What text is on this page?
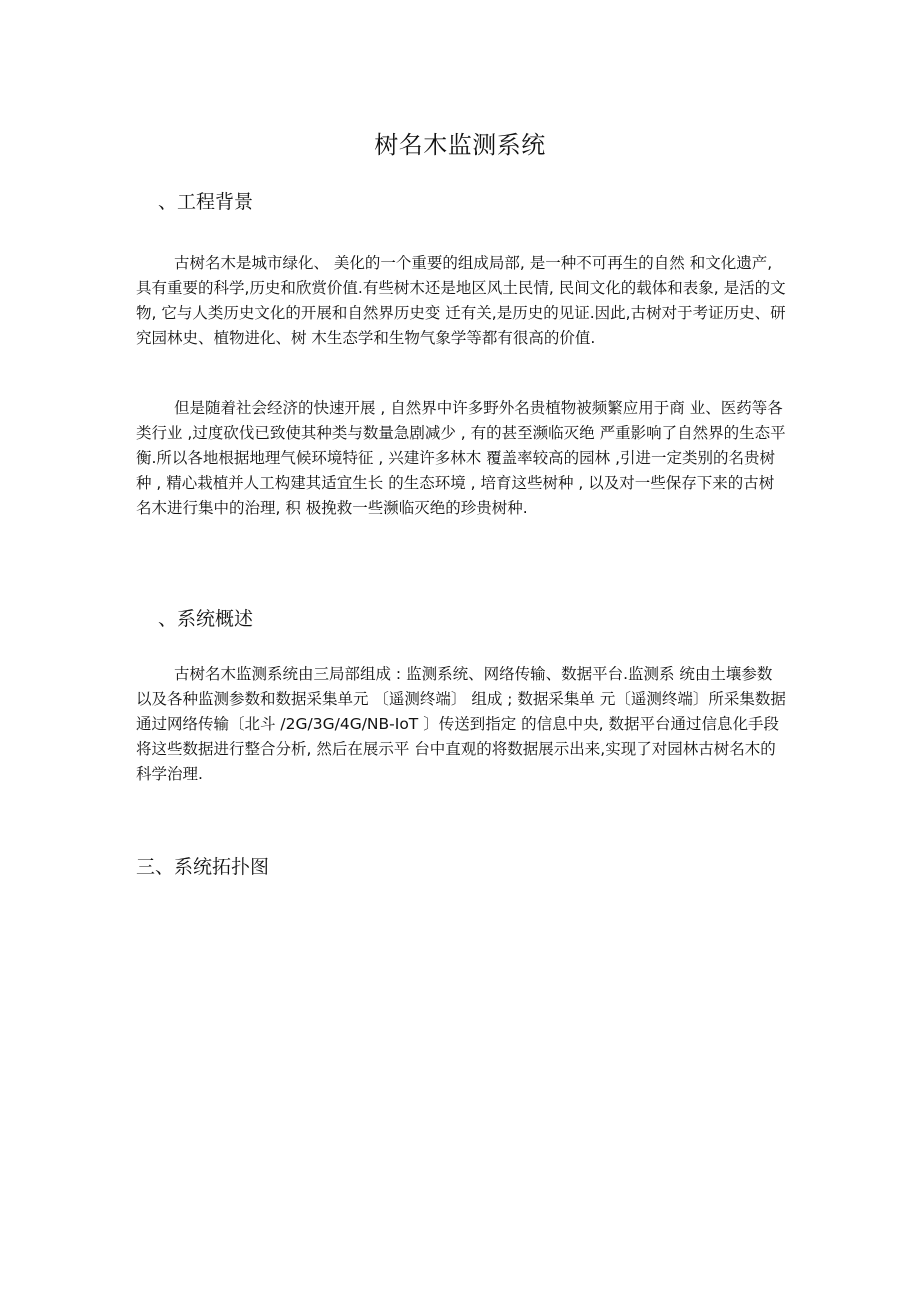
树名木监测系统
、工程背景

古树名木是城市绿化、 美化的一个重要的组成局部, 是一种不可再生的自然 和文化遗产,具有重要的科学,历史和欣赏价值.有些树木还是地区风土民情, 民间文化的载体和表象, 是活的文物, 它与人类历史文化的开展和自然界历史变 迁有关,是历史的见证.因此,古树对于考证历史、研究园林史、植物进化、树 木生态学和生物气象学等都有很高的价值.

但是随着社会经济的快速开展 , 自然界中许多野外名贵植物被频繁应用于商 业、医药等各类行业 ,过度砍伐已致使其种类与数量急剧减少 , 有的甚至濒临灭绝 严重影响了自然界的生态平衡.所以各地根据地理气候环境特征 , 兴建许多林木 覆盖率较高的园林 ,引进一定类别的名贵树种 , 精心栽植并人工构建其适宜生长 的生态环境 , 培育这些树种 , 以及对一些保存下来的古树名木进行集中的治理, 积 极挽救一些濒临灭绝的珍贵树种.

、系统概述

古树名木监测系统由三局部组成 : 监测系统、网络传输、数据平台.监测系 统由土壤参数以及各种监测参数和数据采集单元 〔遥测终端〕 组成 ; 数据采集单 元〔遥测终端〕所采集数据通过网络传输〔北斗 /2G/3G/4G/NB-IoT 〕传送到指定 的信息中央, 数据平台通过信息化手段将这些数据进行整合分析, 然后在展示平 台中直观的将数据展示出来,实现了对园林古树名木的科学治理.

三、系统拓扑图
